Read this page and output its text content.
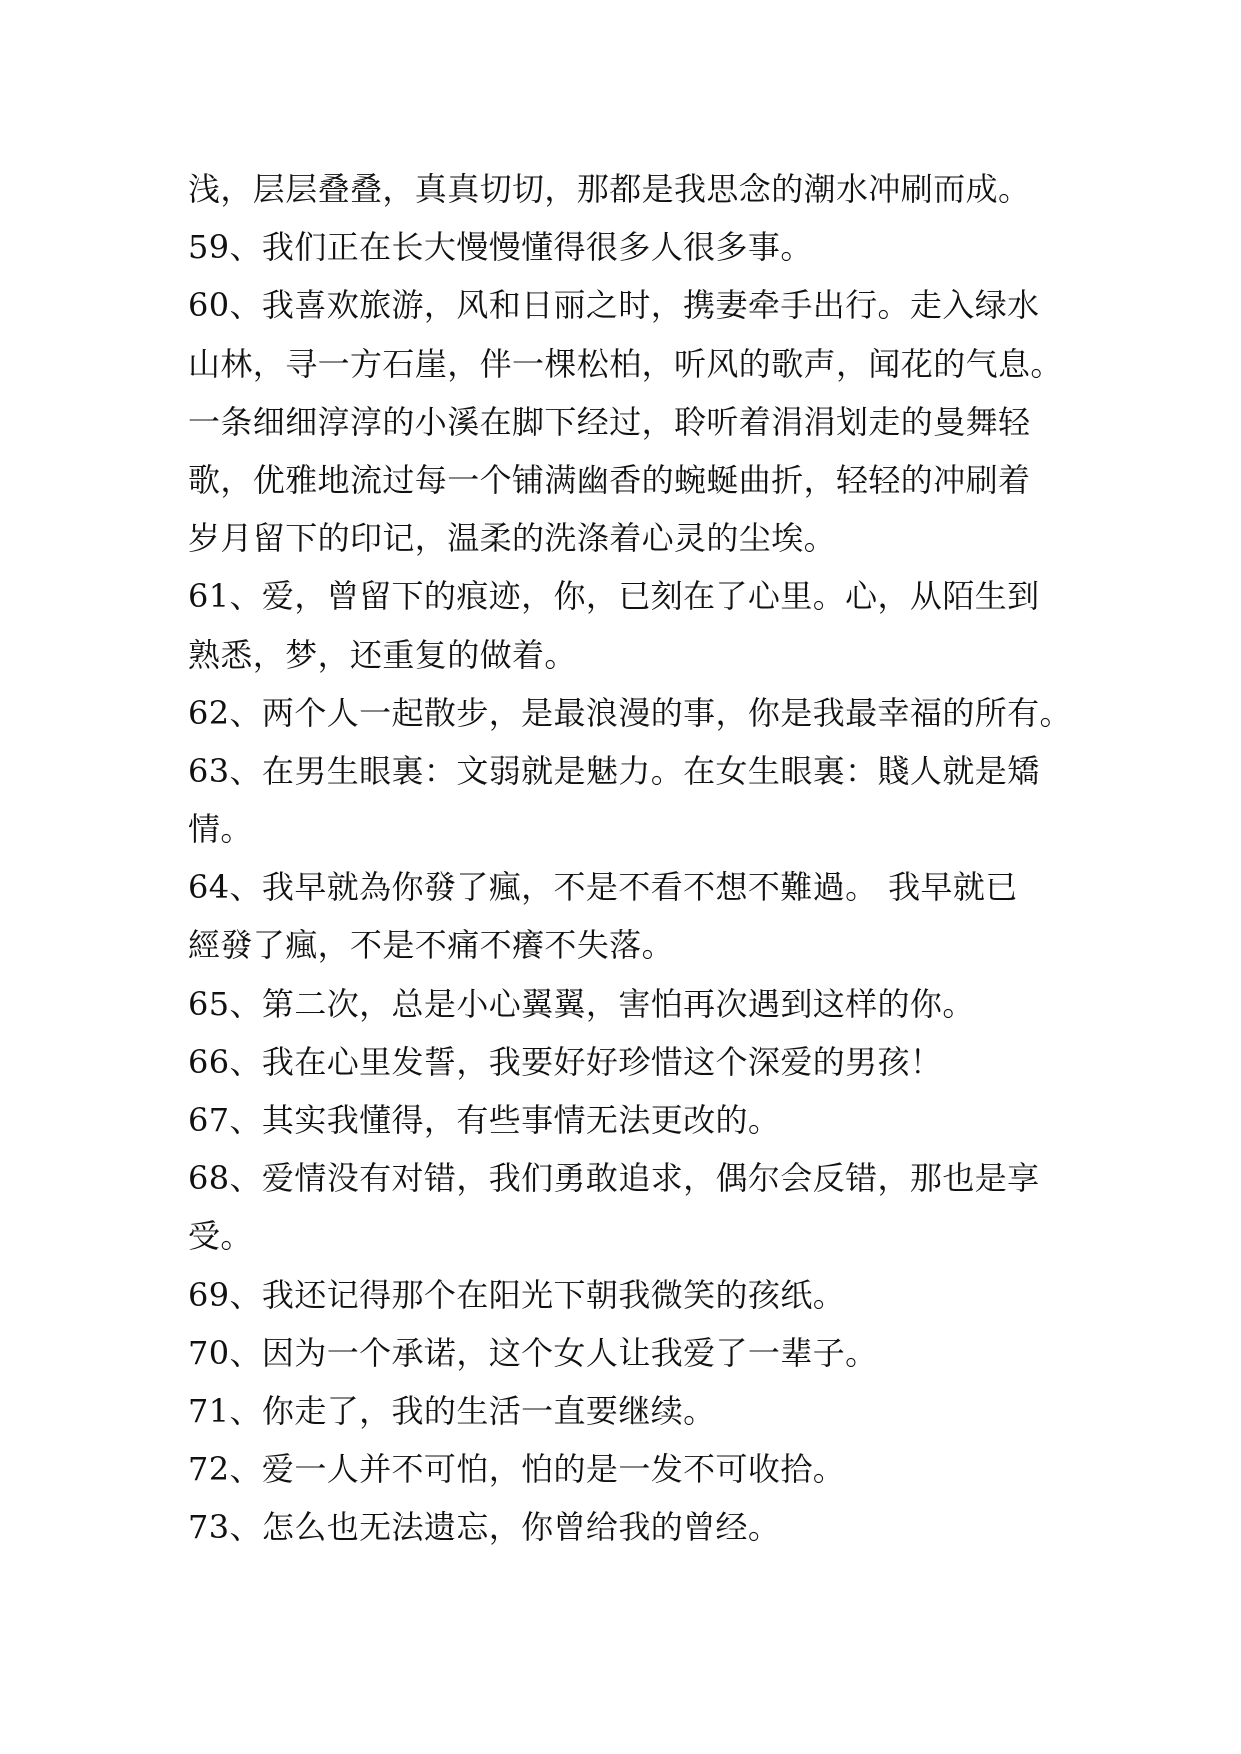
浅，层层叠叠，真真切切，那都是我思念的潮水冲刷而成。
59、我们正在长大慢慢懂得很多人很多事。
60、我喜欢旅游，风和日丽之时，携妻牵手出行。走入绿水
山林，寻一方石崖，伴一棵松柏，听风的歌声，闻花的气息。
一条细细淳淳的小溪在脚下经过，聆听着涓涓划走的曼舞轻
歌，优雅地流过每一个铺满幽香的蜿蜒曲折，轻轻的冲刷着
岁月留下的印记，温柔的洗涤着心灵的尘埃。
61、爱，曾留下的痕迹，你，已刻在了心里。心，从陌生到
熟悉，梦，还重复的做着。
62、两个人一起散步，是最浪漫的事，你是我最幸福的所有。
63、在男生眼裏：文弱就是魅力。在女生眼裏：賤人就是矯
情。
64、我早就為你發了瘋，不是不看不想不難過。 我早就已
經發了瘋，不是不痛不癢不失落。
65、第二次，总是小心翼翼，害怕再次遇到这样的你。
66、我在心里发誓，我要好好珍惜这个深爱的男孩！
67、其实我懂得，有些事情无法更改的。
68、爱情没有对错，我们勇敢追求，偶尔会反错，那也是享
受。
69、我还记得那个在阳光下朝我微笑的孩纸。
70、因为一个承诺，这个女人让我爱了一辈子。
71、你走了，我的生活一直要继续。
72、爱一人并不可怕，怕的是一发不可收拾。
73、怎么也无法遗忘，你曾给我的曾经。
